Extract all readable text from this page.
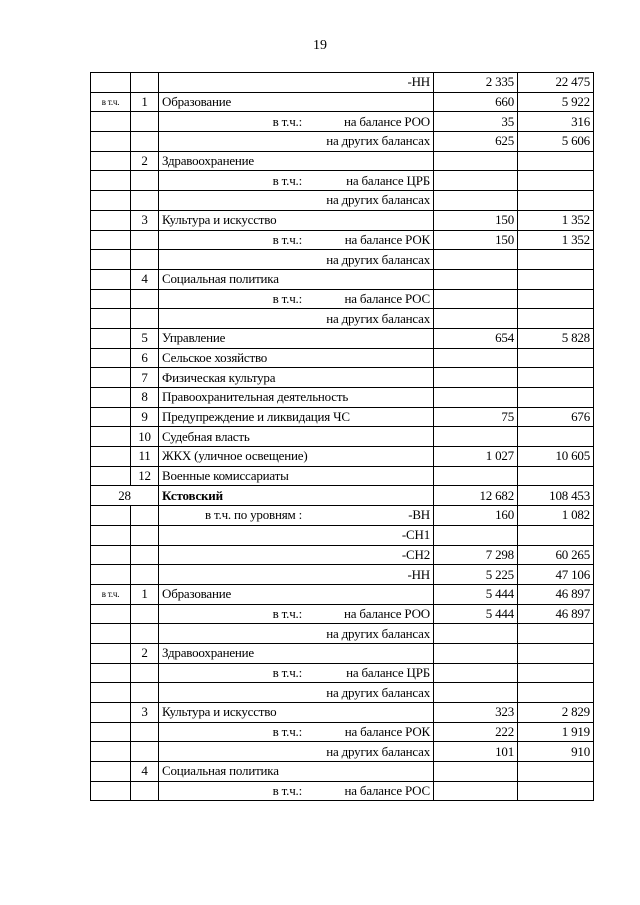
19
		-НН	2 335	22 475
в т.ч.	1	Образование	660	5 922

		в т.ч.: на балансе РОО	35	316
		на других балансах	625	5 606
	2	Здравоохранение		

		в т.ч.: на балансе ЦРБ		

		на других балансах		
	3	Культура и искусство	150	1 352

		в т.ч.: на балансе РОК	150	1 352
		на других балансах		
	4	Социальная политика		

		в т.ч.: на балансе РОС		

		на других балансах		
	5	Управление	654	5 828
	6	Сельское хозяйство		
	7	Физическая культура		
	8	Правоохранительная деятельность		
	9	Предупреждение и ликвидация ЧС	75	676
	10	Судебная власть		
	11	ЖКХ (уличное освещение)	1 027	10 605
	12	Военные комиссариаты		
28		Кстовский	12 682	108 453

		в т.ч. по уровням : -ВН	160	1 082
		-СН1		
		-СН2	7 298	60 265
		-НН	5 225	47 106
в т.ч.	1	Образование	5 444	46 897

		в т.ч.: на балансе РОО	5 444	46 897
		на других балансах		
	2	Здравоохранение		

		в т.ч.: на балансе ЦРБ		

		на других балансах		
	3	Культура и искусство	323	2 829

		в т.ч.: на балансе РОК	222	1 919
		на других балансах	101	910
	4	Социальная политика		

		в т.ч.: на балансе РОС		
